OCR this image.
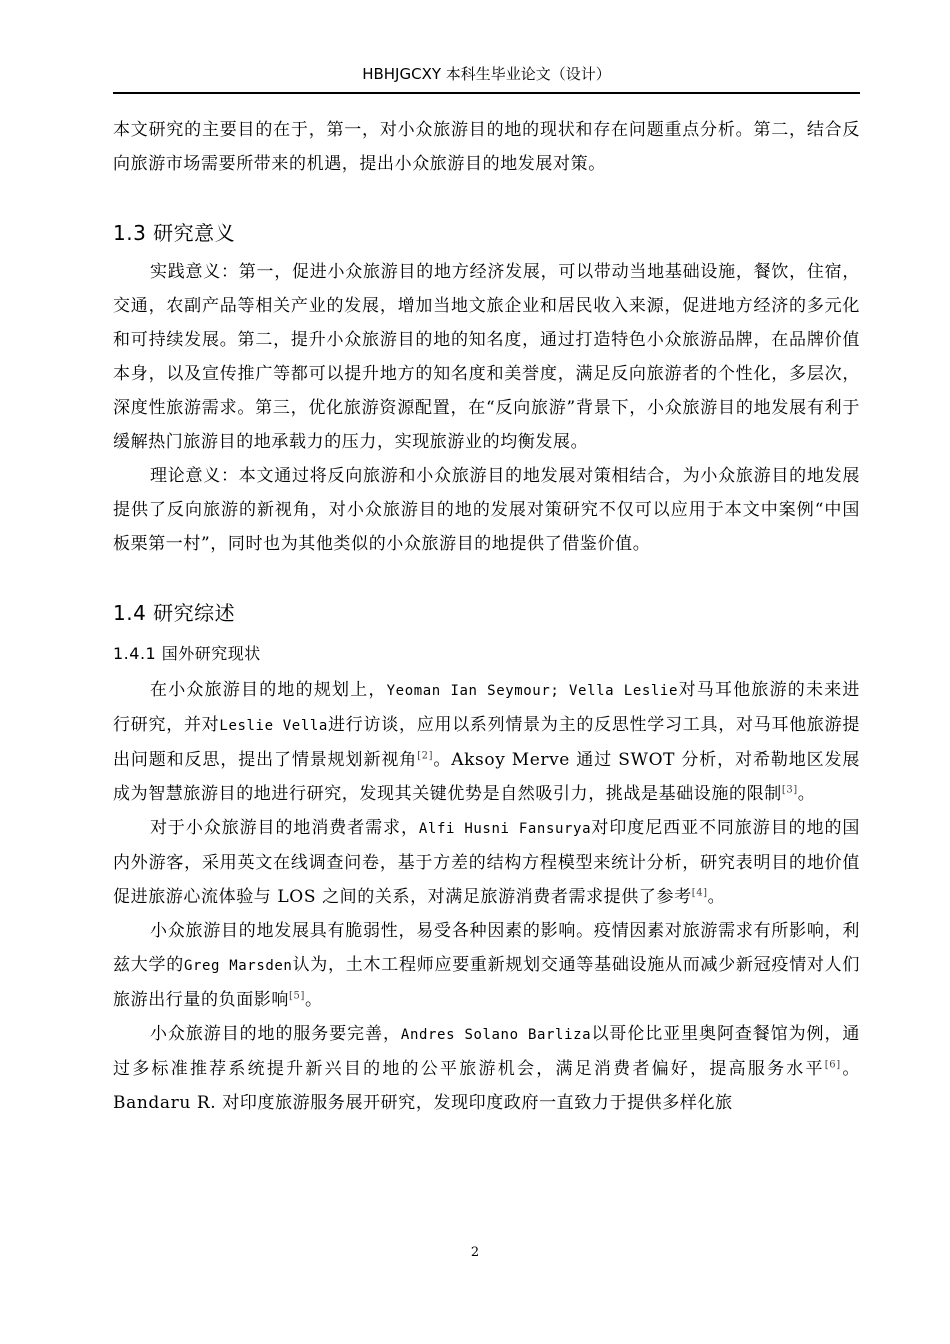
HBHJGCXY 本科生毕业论文（设计）

本文研究的主要目的在于，第一，对小众旅游目的地的现状和存在问题重点分析。第二，结合反向旅游市场需要所带来的机遇，提出小众旅游目的地发展对策。

1.3 研究意义

实践意义：第一，促进小众旅游目的地方经济发展，可以带动当地基础设施，餐饮，住宿，交通，农副产品等相关产业的发展，增加当地文旅企业和居民收入来源，促进地方经济的多元化和可持续发展。第二，提升小众旅游目的地的知名度，通过打造特色小众旅游品牌，在品牌价值本身，以及宣传推广等都可以提升地方的知名度和美誉度，满足反向旅游者的个性化，多层次，深度性旅游需求。第三，优化旅游资源配置，在“反向旅游”背景下，小众旅游目的地发展有利于缓解热门旅游目的地承载力的压力，实现旅游业的均衡发展。

理论意义：本文通过将反向旅游和小众旅游目的地发展对策相结合，为小众旅游目的地发展提供了反向旅游的新视角，对小众旅游目的地的发展对策研究不仅可以应用于本文中案例“中国板栗第一村”，同时也为其他类似的小众旅游目的地提供了借鉴价值。

1.4 研究综述
1.4.1 国外研究现状

在小众旅游目的地的规划上，Yeoman Ian Seymour; Vella Leslie对马耳他旅游的未来进行研究，并对Leslie Vella进行访谈，应用以系列情景为主的反思性学习工具，对马耳他旅游提出问题和反思，提出了情景规划新视角[2]。Aksoy Merve 通过 SWOT 分析，对希勒地区发展成为智慧旅游目的地进行研究，发现其关键优势是自然吸引力，挑战是基础设施的限制[3]。

对于小众旅游目的地消费者需求，Alfi Husni Fansurya对印度尼西亚不同旅游目的地的国内外游客，采用英文在线调查问卷，基于方差的结构方程模型来统计分析，研究表明目的地价值促进旅游心流体验与 LOS 之间的关系，对满足旅游消费者需求提供了参考[4]。

小众旅游目的地发展具有脆弱性，易受各种因素的影响。疫情因素对旅游需求有所影响，利兹大学的Greg Marsden认为，土木工程师应要重新规划交通等基础设施从而减少新冠疫情对人们旅游出行量的负面影响[5]。

小众旅游目的地的服务要完善，Andres Solano Barliza以哥伦比亚里奥阿查餐馆为例，通过多标准推荐系统提升新兴目的地的公平旅游机会，满足消费者偏好，提高服务水平[6]。Bandaru R. 对印度旅游服务展开研究，发现印度政府一直致力于提供多样化旅

2
